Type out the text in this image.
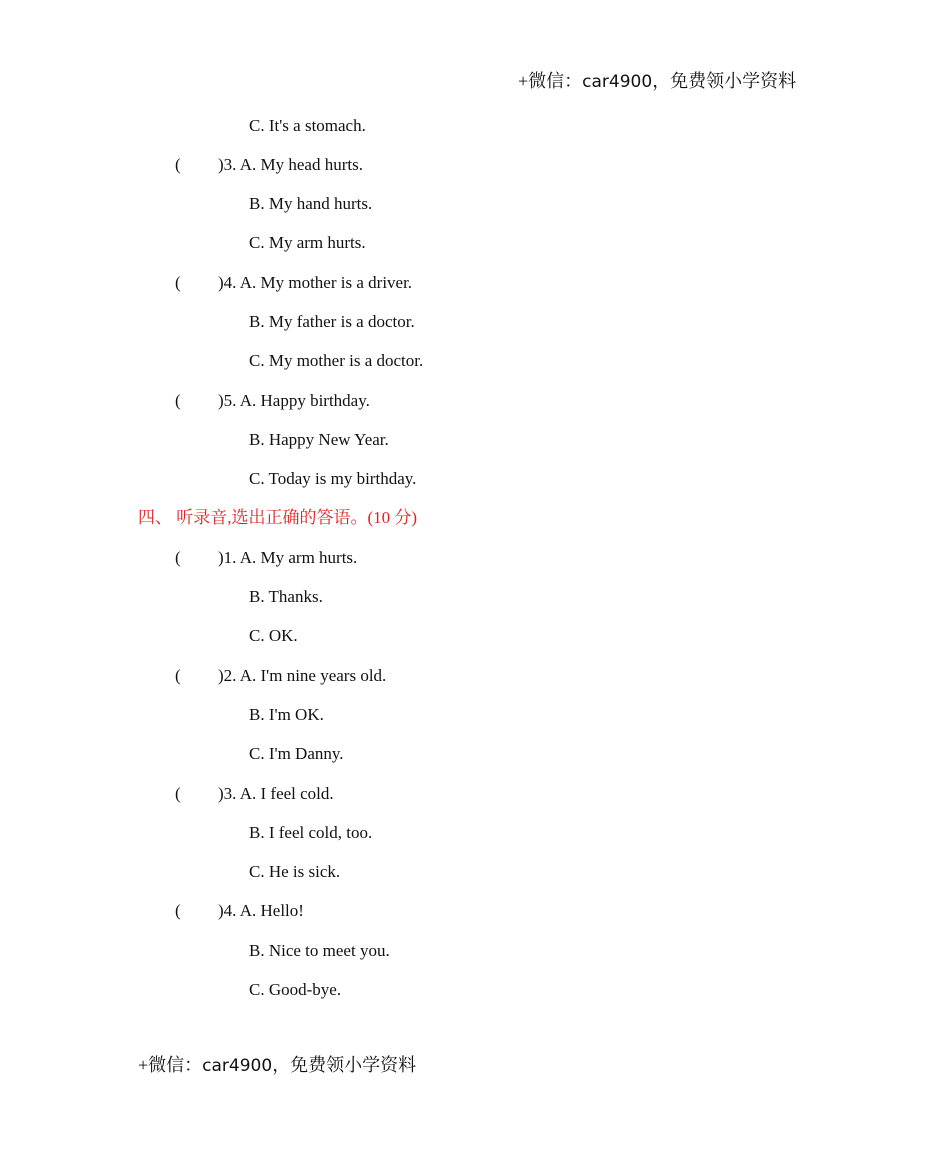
+微信：car4900，免费领小学资料
C. It's a stomach.
( )3. A. My head hurts.
B. My hand hurts.
C. My arm hurts.
( )4. A. My mother is a driver.
B. My father is a doctor.
C. My mother is a doctor.
( )5. A. Happy birthday.
B. Happy New Year.
C. Today is my birthday.
四、 听录音,选出正确的答语。(10 分)
( )1. A. My arm hurts.
B. Thanks.
C. OK.
( )2. A. I'm nine years old.
B. I'm OK.
C. I'm Danny.
( )3. A. I feel cold.
B. I feel cold, too.
C. He is sick.
( )4. A. Hello!
B. Nice to meet you.
C. Good-bye.
+微信：car4900，免费领小学资料
